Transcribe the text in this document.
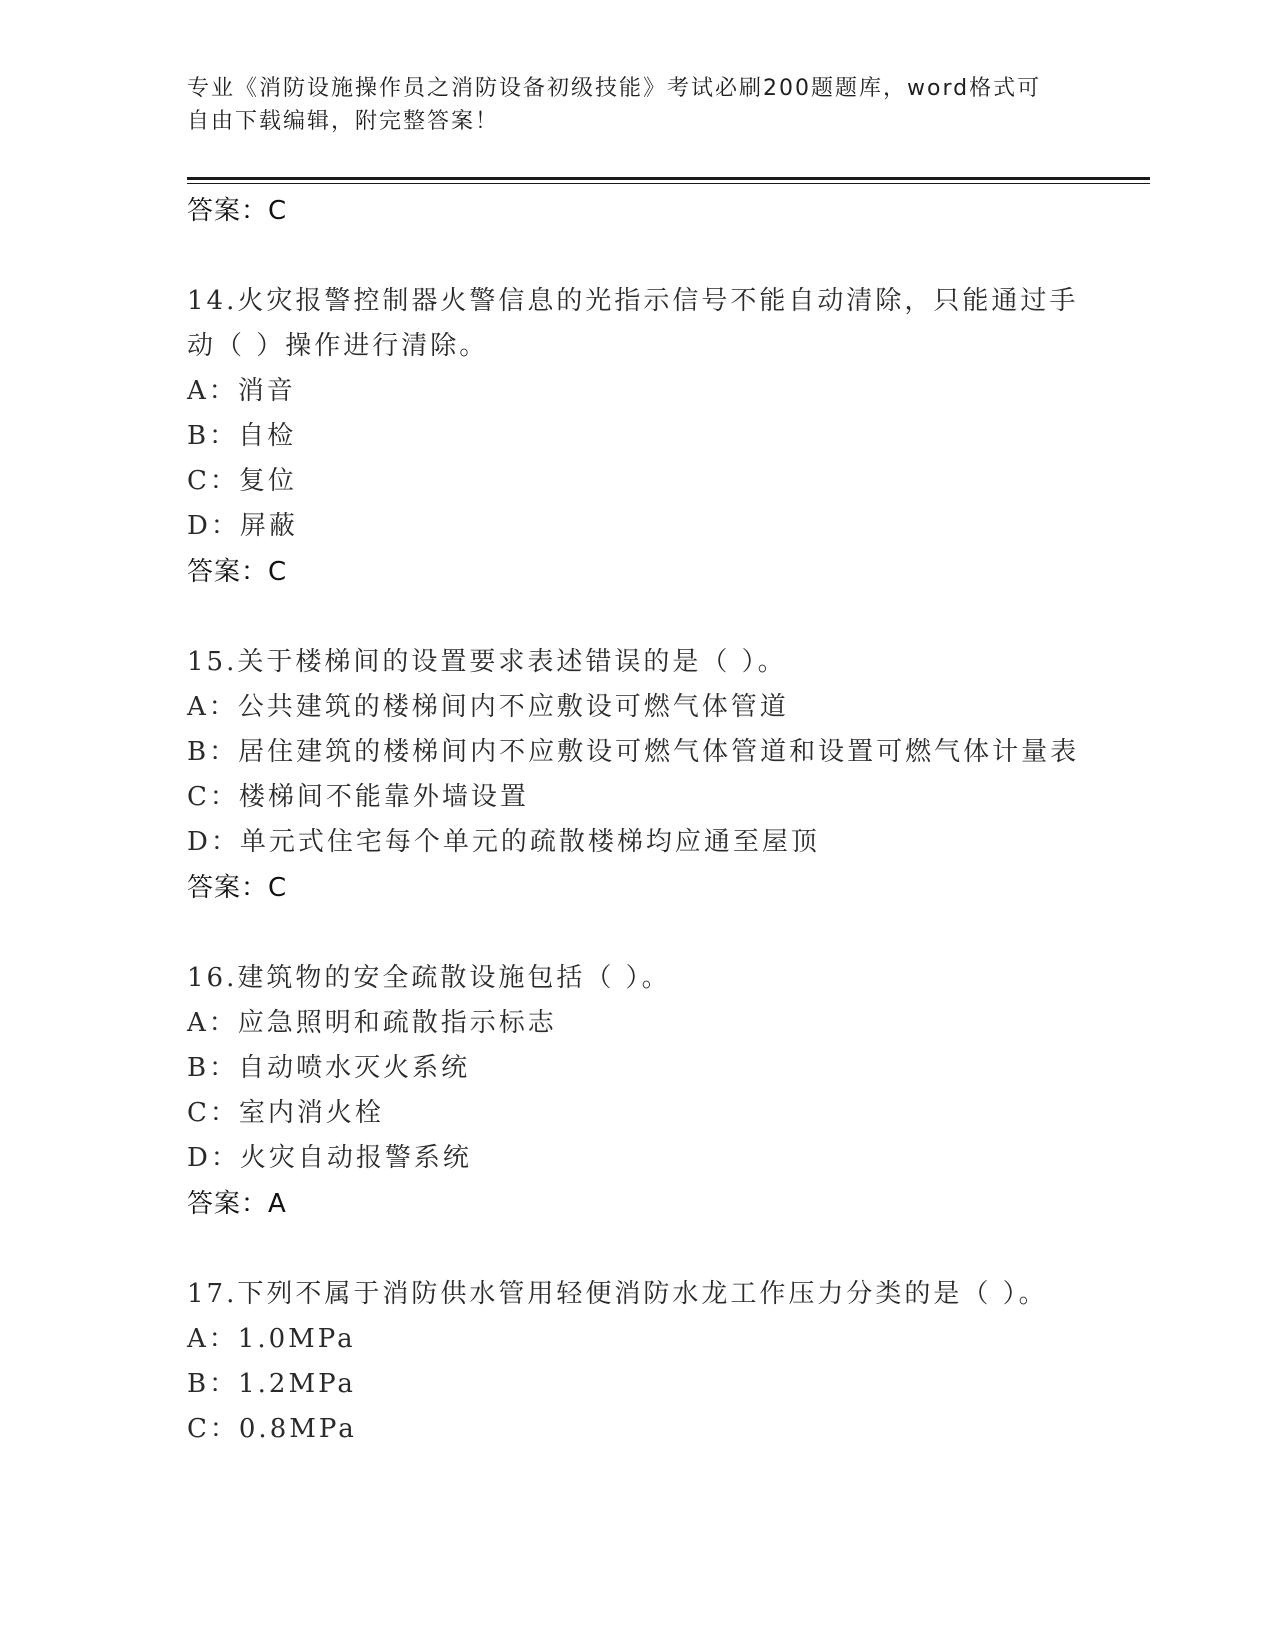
专业《消防设施操作员之消防设备初级技能》考试必刷200题题库，word格式可
自由下载编辑，附完整答案！
答案：C
14.火灾报警控制器火警信息的光指示信号不能自动清除，只能通过手
动（ ）操作进行清除。
A：消音
B：自检
C：复位
D：屏蔽
答案：C
15.关于楼梯间的设置要求表述错误的是（ ）。
A：公共建筑的楼梯间内不应敷设可燃气体管道
B：居住建筑的楼梯间内不应敷设可燃气体管道和设置可燃气体计量表
C：楼梯间不能靠外墙设置
D：单元式住宅每个单元的疏散楼梯均应通至屋顶
答案：C
16.建筑物的安全疏散设施包括（ ）。
A：应急照明和疏散指示标志
B：自动喷水灭火系统
C：室内消火栓
D：火灾自动报警系统
答案：A
17.下列不属于消防供水管用轻便消防水龙工作压力分类的是（ ）。
A：1.0MPa
B：1.2MPa
C：0.8MPa
